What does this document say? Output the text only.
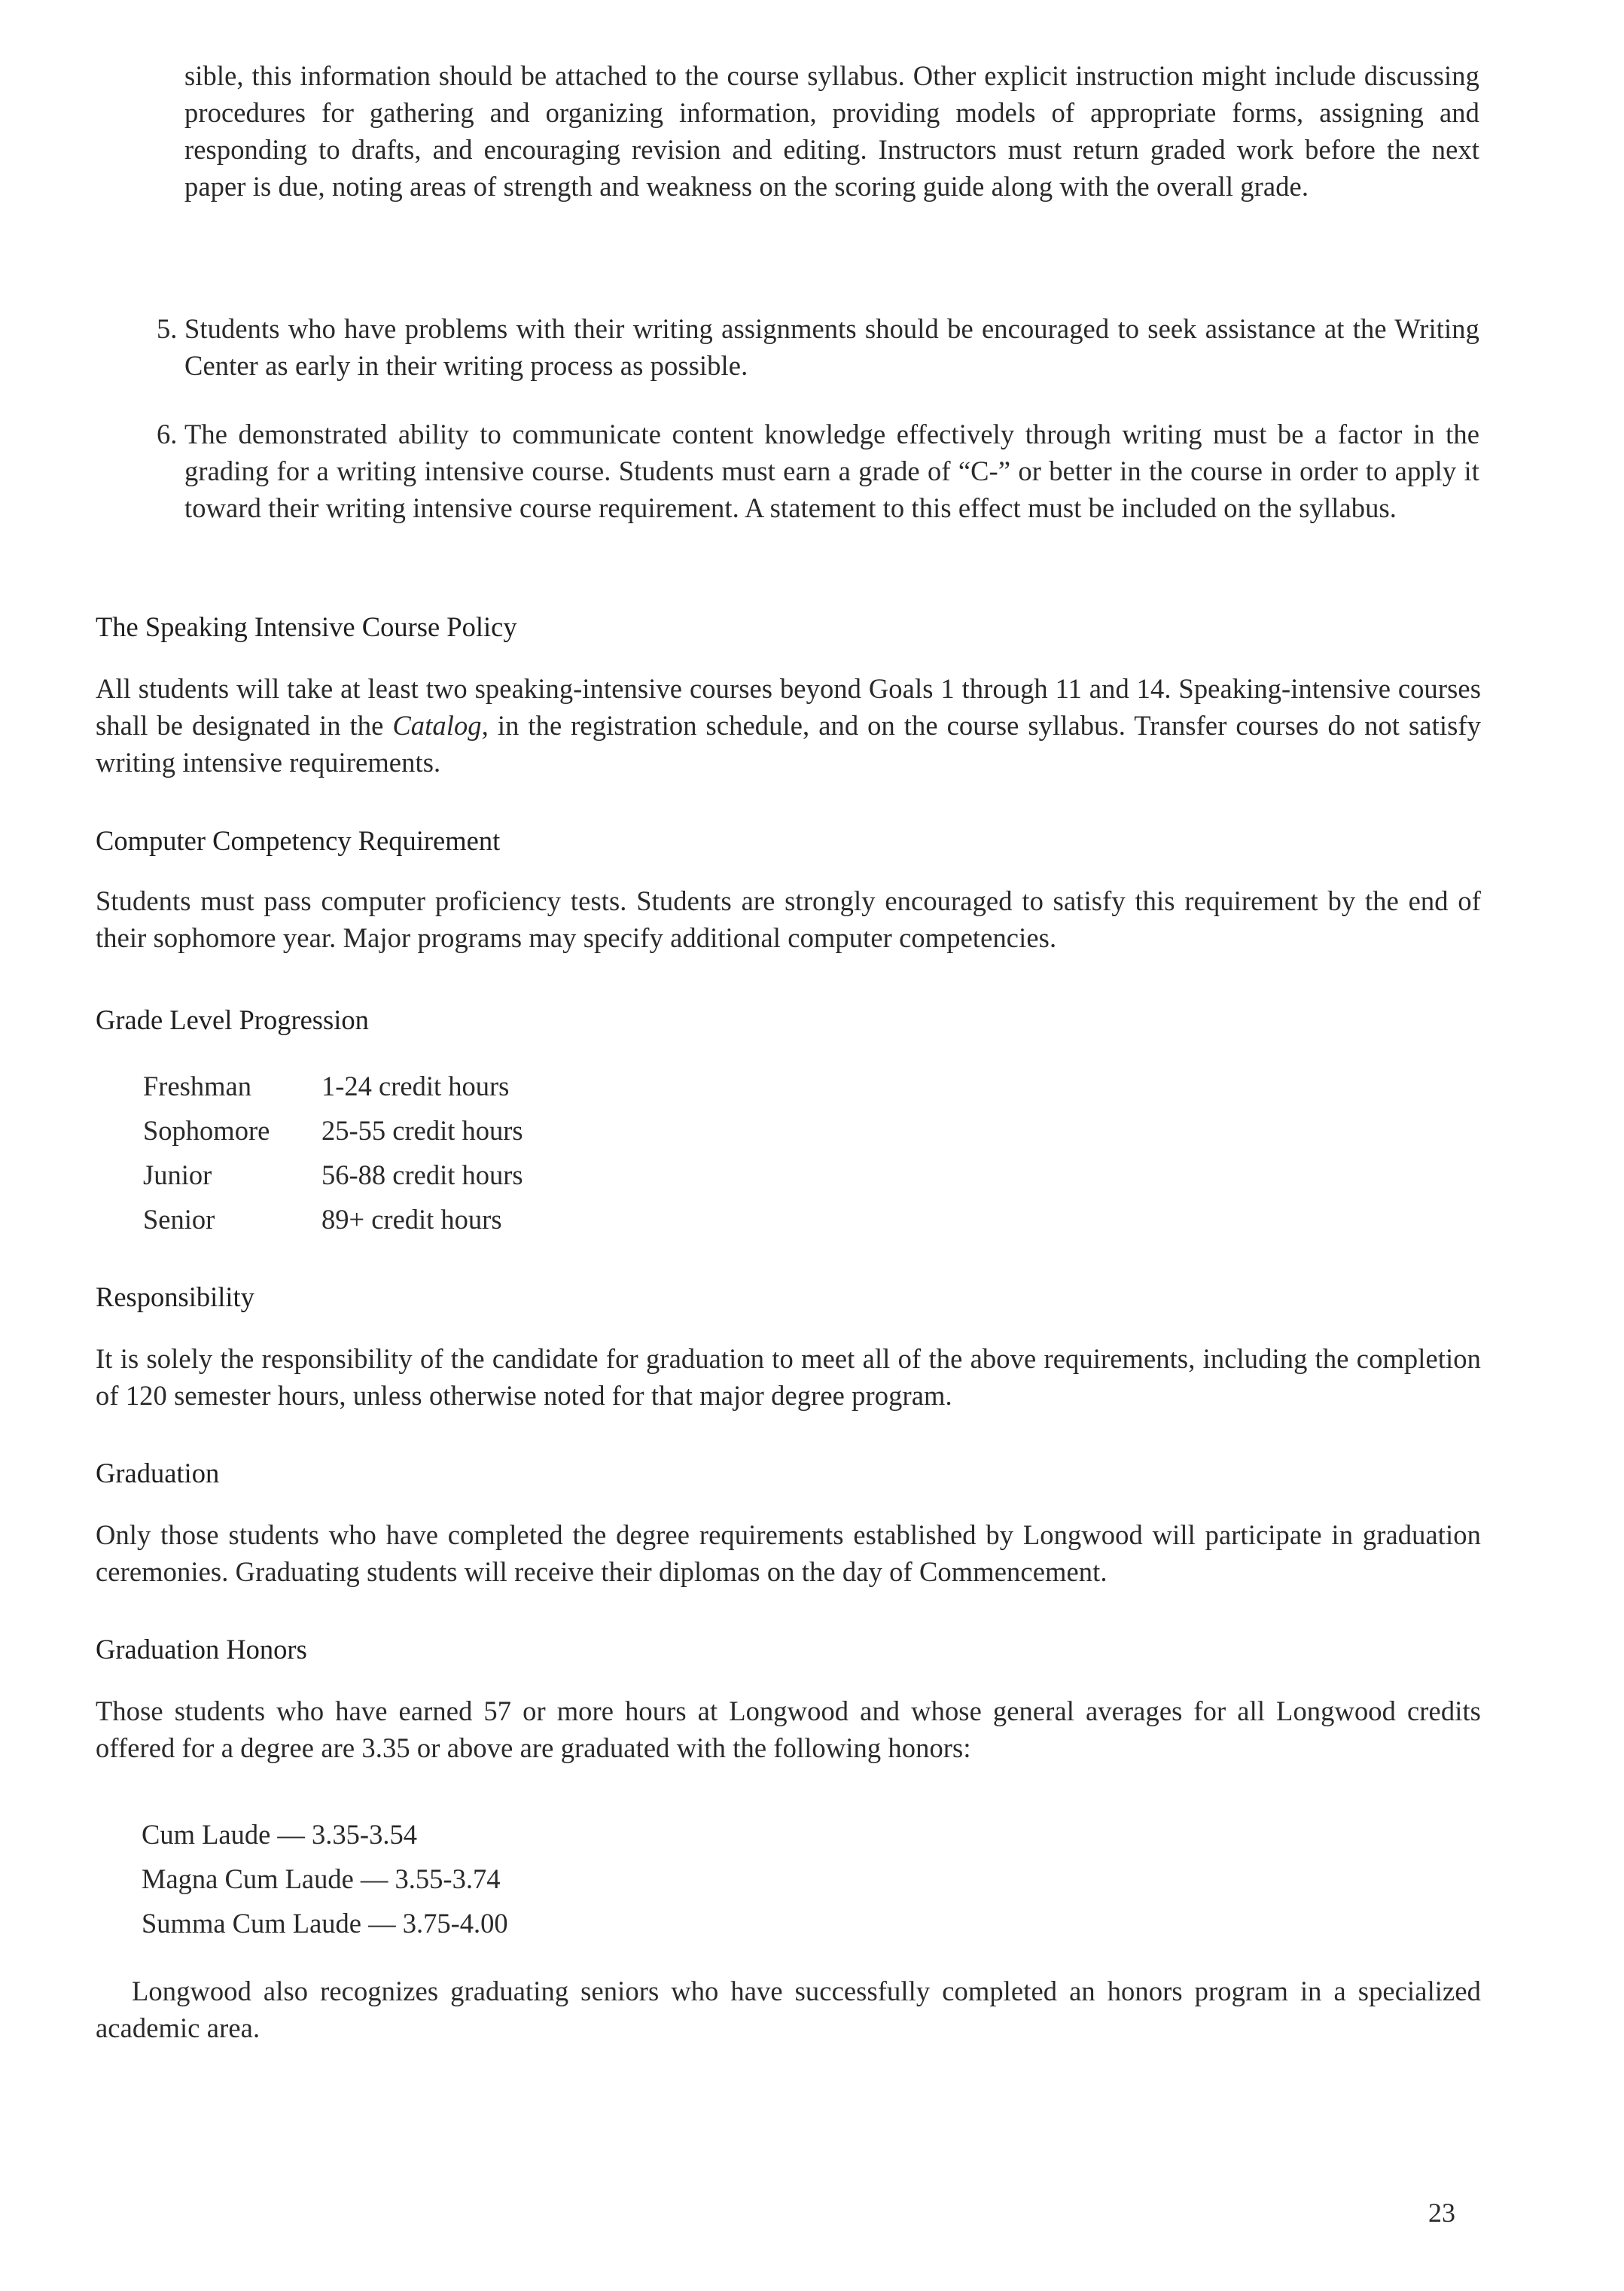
sible, this information should be attached to the course syllabus. Other explicit instruction might include discussing procedures for gathering and organizing information, providing models of appropriate forms, assigning and responding to drafts, and encouraging revision and editing. Instructors must return graded work before the next paper is due, noting areas of strength and weakness on the scoring guide along with the overall grade.

5. Students who have problems with their writing assignments should be encouraged to seek assistance at the Writing Center as early in their writing process as possible.

6. The demonstrated ability to communicate content knowledge effectively through writing must be a factor in the grading for a writing intensive course. Students must earn a grade of “C-” or better in the course in order to apply it toward their writing intensive course requirement. A statement to this effect must be included on the syllabus.

The Speaking Intensive Course Policy

All students will take at least two speaking-intensive courses beyond Goals 1 through 11 and 14. Speaking-intensive courses shall be designated in the Catalog, in the registration schedule, and on the course syllabus. Transfer courses do not satisfy writing intensive requirements.

Computer Competency Requirement

Students must pass computer proficiency tests. Students are strongly encouraged to satisfy this requirement by the end of their sophomore year. Major programs may specify additional computer competencies.

Grade Level Progression
Freshman	1-24 credit hours
Sophomore	25-55 credit hours
Junior	56-88 credit hours
Senior	89+ credit hours
Responsibility

It is solely the responsibility of the candidate for graduation to meet all of the above requirements, including the completion of 120 semester hours, unless otherwise noted for that major degree program.

Graduation

Only those students who have completed the degree requirements established by Longwood will participate in graduation ceremonies. Graduating students will receive their diplomas on the day of Commencement.

Graduation Honors

Those students who have earned 57 or more hours at Longwood and whose general averages for all Longwood credits offered for a degree are 3.35 or above are graduated with the following honors:

Cum Laude — 3.35-3.54
Magna Cum Laude — 3.55-3.74
Summa Cum Laude — 3.75-4.00

Longwood also recognizes graduating seniors who have successfully completed an honors program in a specialized academic area.

23
